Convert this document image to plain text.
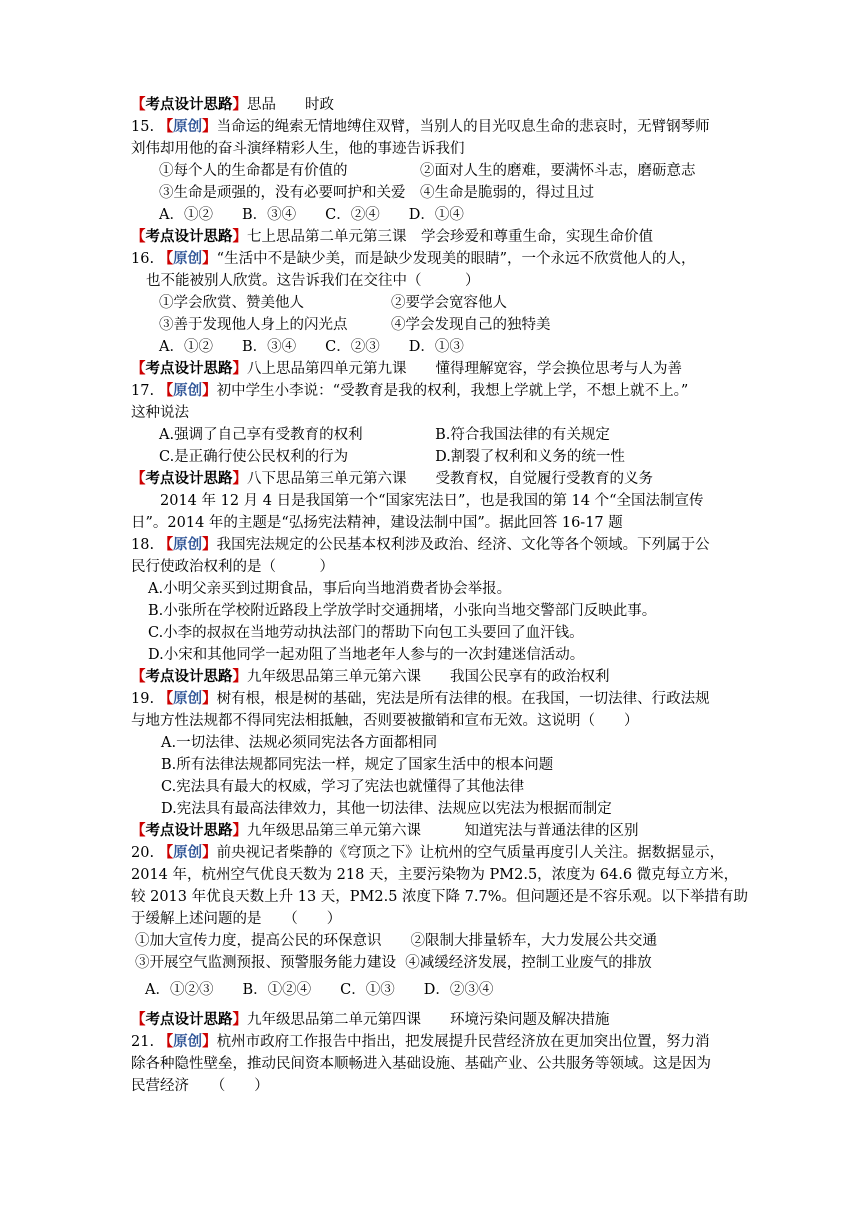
【考点设计思路】思品　　时政
15. 【原创】当命运的绳索无情地缚住双臂，当别人的目光叹息生命的悲哀时，无臂钢琴师
刘伟却用他的奋斗演绎精彩人生，他的事迹告诉我们
①每个人的生命都是有价值的　　　　　②面对人生的磨难，要满怀斗志，磨砺意志
③生命是顽强的，没有必要呵护和关爱　④生命是脆弱的，得过且过
A．①②　　B．③④　　C．②④　　D．①④
【考点设计思路】七上思品第二单元第三课　学会珍爱和尊重生命，实现生命价值
16. 【原创】“生活中不是缺少美，而是缺少发现美的眼睛”，一个永远不欣赏他人的人，
也不能被别人欣赏。这告诉我们在交往中（　　　）
①学会欣赏、赞美他人　　　　　　②要学会宽容他人
③善于发现他人身上的闪光点　　　④学会发现自己的独特美
A．①②　　B．③④　　C．②③　　D．①③
【考点设计思路】八上思品第四单元第九课　　懂得理解宽容，学会换位思考与人为善
17. 【原创】初中学生小李说：“受教育是我的权利，我想上学就上学，不想上就不上。”
这种说法
A.强调了自己享有受教育的权利　　　　　B.符合我国法律的有关规定
C.是正确行使公民权利的行为　　　　　　D.割裂了权利和义务的统一性
【考点设计思路】八下思品第三单元第六课　　受教育权，自觉履行受教育的义务
2014 年 12 月 4 日是我国第一个“国家宪法日”，也是我国的第 14 个“全国法制宣传
日”。2014 年的主题是“弘扬宪法精神，建设法制中国”。据此回答 16-17 题
18. 【原创】我国宪法规定的公民基本权利涉及政治、经济、文化等各个领域。下列属于公
民行使政治权利的是（　　　）
A.小明父亲买到过期食品，事后向当地消费者协会举报。
B.小张所在学校附近路段上学放学时交通拥堵，小张向当地交警部门反映此事。
C.小李的叔叔在当地劳动执法部门的帮助下向包工头要回了血汗钱。
D.小宋和其他同学一起劝阻了当地老年人参与的一次封建迷信活动。
【考点设计思路】九年级思品第三单元第六课　　我国公民享有的政治权利
19. 【原创】树有根，根是树的基础，宪法是所有法律的根。在我国，一切法律、行政法规
与地方性法规都不得同宪法相抵触，否则要被撤销和宣布无效。这说明（　　）
A.一切法律、法规必须同宪法各方面都相同
B.所有法律法规都同宪法一样，规定了国家生活中的根本问题
C.宪法具有最大的权威，学习了宪法也就懂得了其他法律
D.宪法具有最高法律效力，其他一切法律、法规应以宪法为根据而制定
【考点设计思路】九年级思品第三单元第六课　　　知道宪法与普通法律的区别
20. 【原创】前央视记者柴静的《穹顶之下》让杭州的空气质量再度引人关注。据数据显示，
2014 年，杭州空气优良天数为 218 天，主要污染物为 PM2.5，浓度为 64.6 微克每立方米，
较 2013 年优良天数上升 13 天，PM2.5 浓度下降 7.7%。但问题还是不容乐观。以下举措有助
于缓解上述问题的是　　（　　）
①加大宣传力度，提高公民的环保意识　　②限制大排量轿车，大力发展公共交通
③开展空气监测预报、预警服务能力建设  ④减缓经济发展，控制工业废气的排放
A．①②③　　B．①②④　　C．①③　　D．②③④
【考点设计思路】九年级思品第二单元第四课　　环境污染问题及解决措施
21. 【原创】杭州市政府工作报告中指出，把发展提升民营经济放在更加突出位置，努力消
除各种隐性壁垒，推动民间资本顺畅进入基础设施、基础产业、公共服务等领域。这是因为
民营经济　　（　　）
